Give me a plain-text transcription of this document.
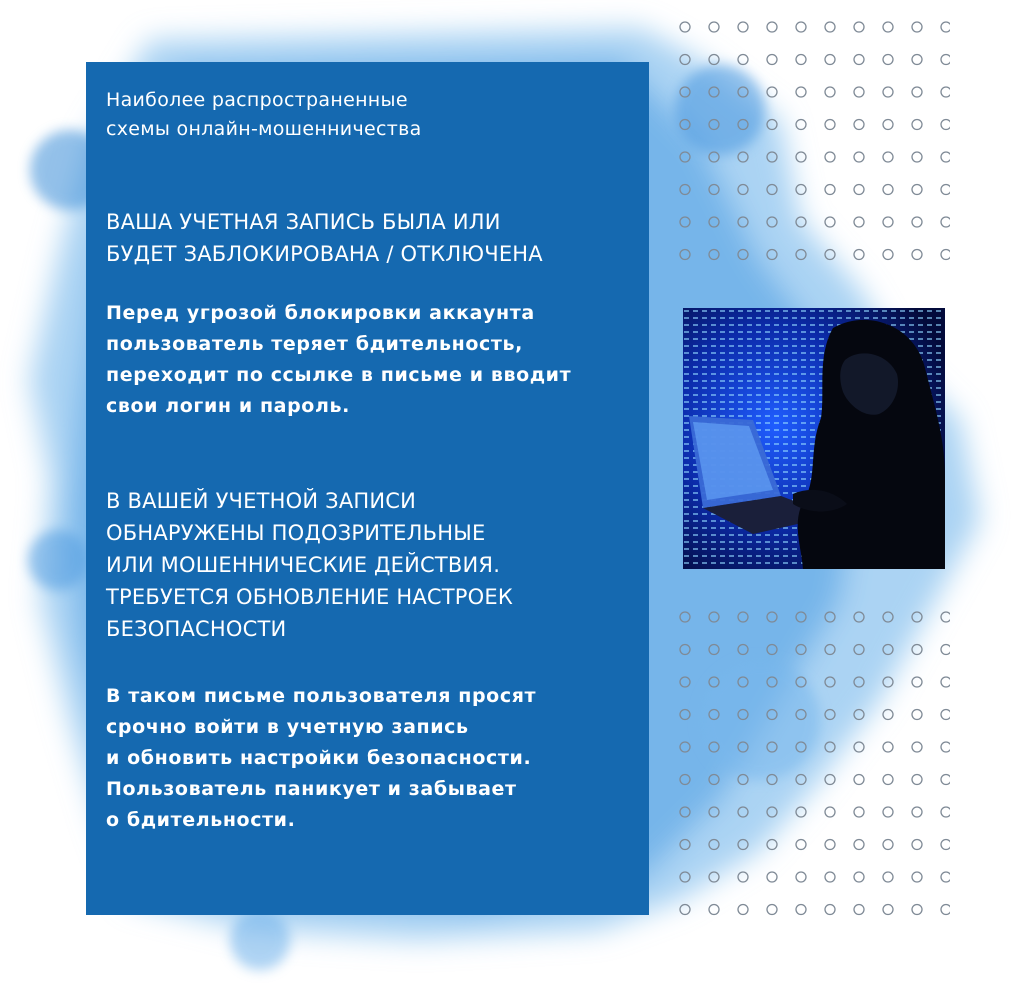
Наиболее распространенные
схемы онлайн-мошенничества

ВАША УЧЕТНАЯ ЗАПИСЬ БЫЛА ИЛИ
БУДЕТ ЗАБЛОКИРОВАНА / ОТКЛЮЧЕНА

Перед угрозой блокировки аккаунта
пользователь теряет бдительность,
переходит по ссылке в письме и вводит
свои логин и пароль.

В ВАШЕЙ УЧЕТНОЙ ЗАПИСИ
ОБНАРУЖЕНЫ ПОДОЗРИТЕЛЬНЫЕ
ИЛИ МОШЕННИЧЕСКИЕ ДЕЙСТВИЯ.
ТРЕБУЕТСЯ ОБНОВЛЕНИЕ НАСТРОЕК
БЕЗОПАСНОСТИ

В таком письме пользователя просят
срочно войти в учетную запись
и обновить настройки безопасности.
Пользователь паникует и забывает
о бдительности.
